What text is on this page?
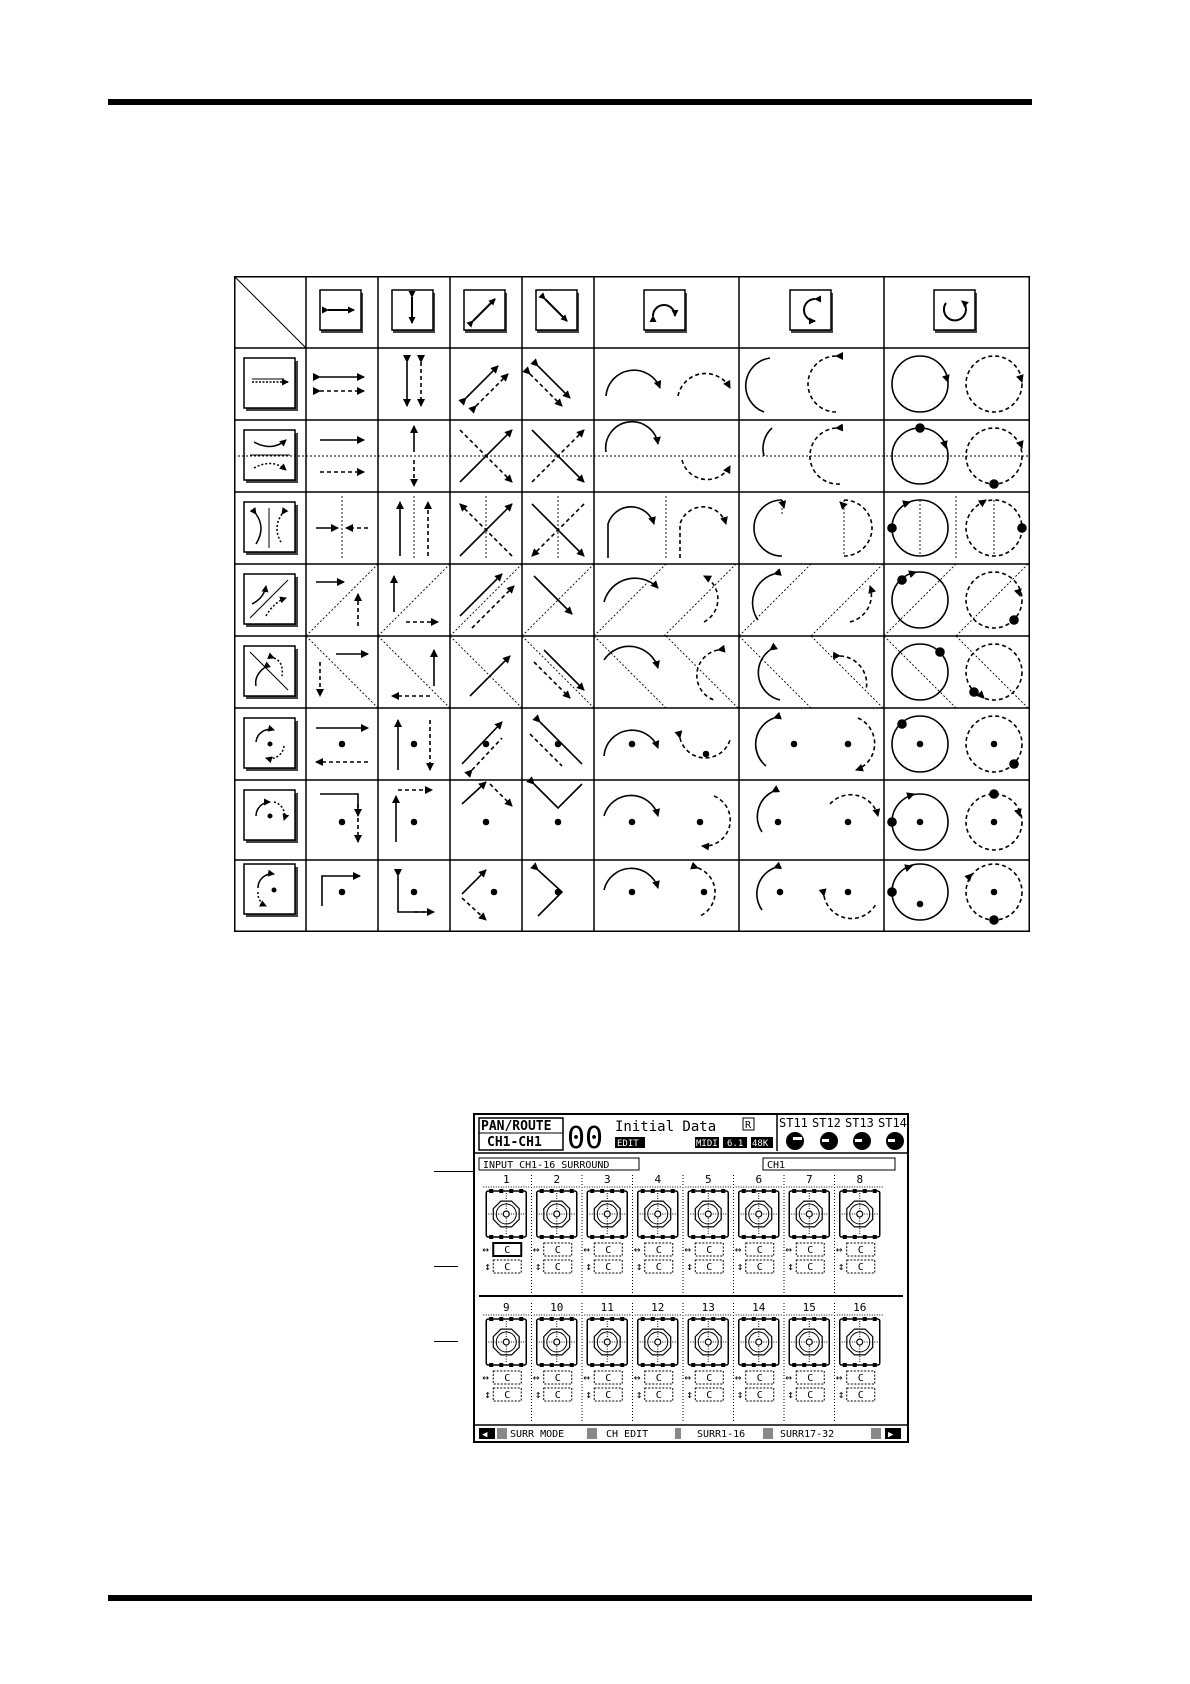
PAN/ROUTE
CH1-CH1 00 Initial Data
EDIT
R
MIDI 6.1 48K
ST11 ST12 ST13 ST14
INPUT CH1-16 SURROUND	CH1
1
↔ C
↕ C
2
↔ C
↕ C
3
↔ C
↕ C
4
↔ C
↕ C
5
↔ C
↕ C
6
↔ C
↕ C
7
↔ C
↕ C
8
↔ C
↕ C
9
↔ C
↕ C
10
↔ C
↕ C
11
↔ C
↕ C
12
↔ C
↕ C
13
↔ C
↕ C
14
↔ C
↕ C
15
↔ C
↕ C
16
↔ C
↕ C
◀ SURR MODE	CH EDIT	SURR1-16	SURR17-32	▶
